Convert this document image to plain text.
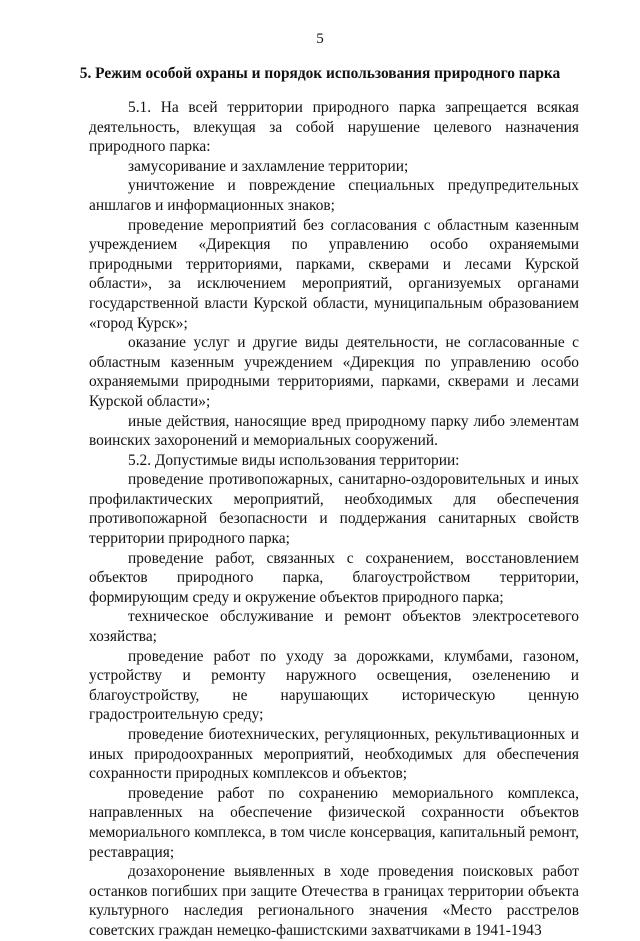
5
5. Режим особой охраны и порядок использования природного парка

5.1. На всей территории природного парка запрещается всякая деятельность, влекущая за собой нарушение целевого назначения природного парка:

замусоривание и захламление территории;

уничтожение и повреждение специальных предупредительных аншлагов и информационных знаков;

проведение мероприятий без согласования с областным казенным учреждением «Дирекция по управлению особо охраняемыми природными территориями, парками, скверами и лесами Курской области», за исключением мероприятий, организуемых органами государственной власти Курской области, муниципальным образованием «город Курск»;

оказание услуг и другие виды деятельности, не согласованные с областным казенным учреждением «Дирекция по управлению особо охраняемыми природными территориями, парками, скверами и лесами Курской области»;

иные действия, наносящие вред природному парку либо элементам воинских захоронений и мемориальных сооружений.

5.2. Допустимые виды использования территории:

проведение противопожарных, санитарно-оздоровительных и иных профилактических мероприятий, необходимых для обеспечения противопожарной безопасности и поддержания санитарных свойств территории природного парка;

проведение работ, связанных с сохранением, восстановлением объектов природного парка, благоустройством территории, формирующим среду и окружение объектов природного парка;

техническое обслуживание и ремонт объектов электросетевого хозяйства;

проведение работ по уходу за дорожками, клумбами, газоном, устройству и ремонту наружного освещения, озеленению и благоустройству, не нарушающих историческую ценную градостроительную среду;

проведение биотехнических, регуляционных, рекультивационных и иных природоохранных мероприятий, необходимых для обеспечения сохранности природных комплексов и объектов;

проведение работ по сохранению мемориального комплекса, направленных на обеспечение физической сохранности объектов мемориального комплекса, в том числе консервация, капитальный ремонт, реставрация;

дозахоронение выявленных в ходе проведения поисковых работ останков погибших при защите Отечества в границах территории объекта культурного наследия регионального значения «Место расстрелов советских граждан немецко-фашистскими захватчиками в 1941-1943
